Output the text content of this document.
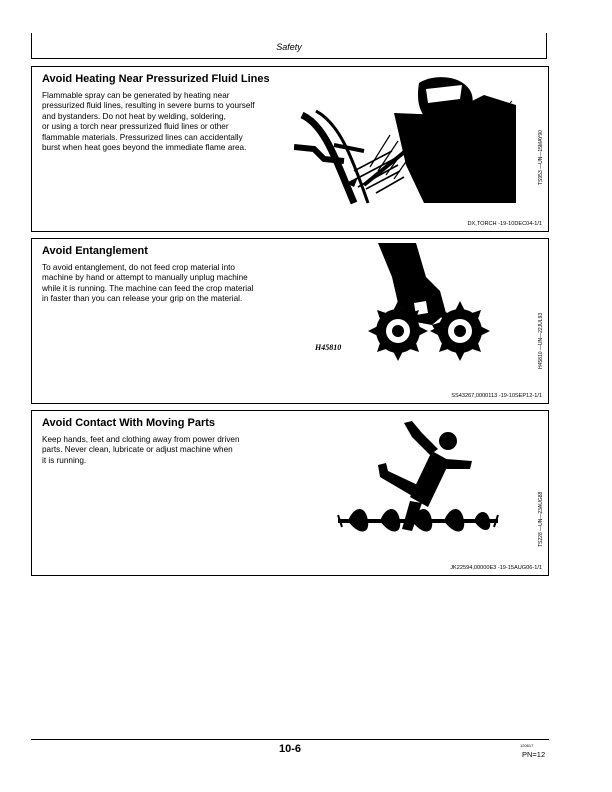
Safety
Avoid Heating Near Pressurized Fluid Lines
Flammable spray can be generated by heating near
pressurized fluid lines, resulting in severe burns to yourself
and bystanders. Do not heat by welding, soldering,
or using a torch near pressurized fluid lines or other
flammable materials. Pressurized lines can accidentally
burst when heat goes beyond the immediate flame area.	TS953 —UN—15MAY90
DX,TORCH -19-10DEC04-1/1
Avoid Entanglement
To avoid entanglement, do not feed crop material into
machine by hand or attempt to manually unplug machine
while it is running. The machine can feed the crop material
in faster than you can release your grip on the material.
H45810	H45810 —UN—22JUL93
SS43267,0000113 -19-10SEP12-1/1
Avoid Contact With Moving Parts
Keep hands, feet and clothing away from power driven
parts. Never clean, lubricate or adjust machine when
it is running.
TS228 —UN—23AUG88
JK22594,00000E3 -19-15AUG06-1/1
10-6	120617
PN=12
